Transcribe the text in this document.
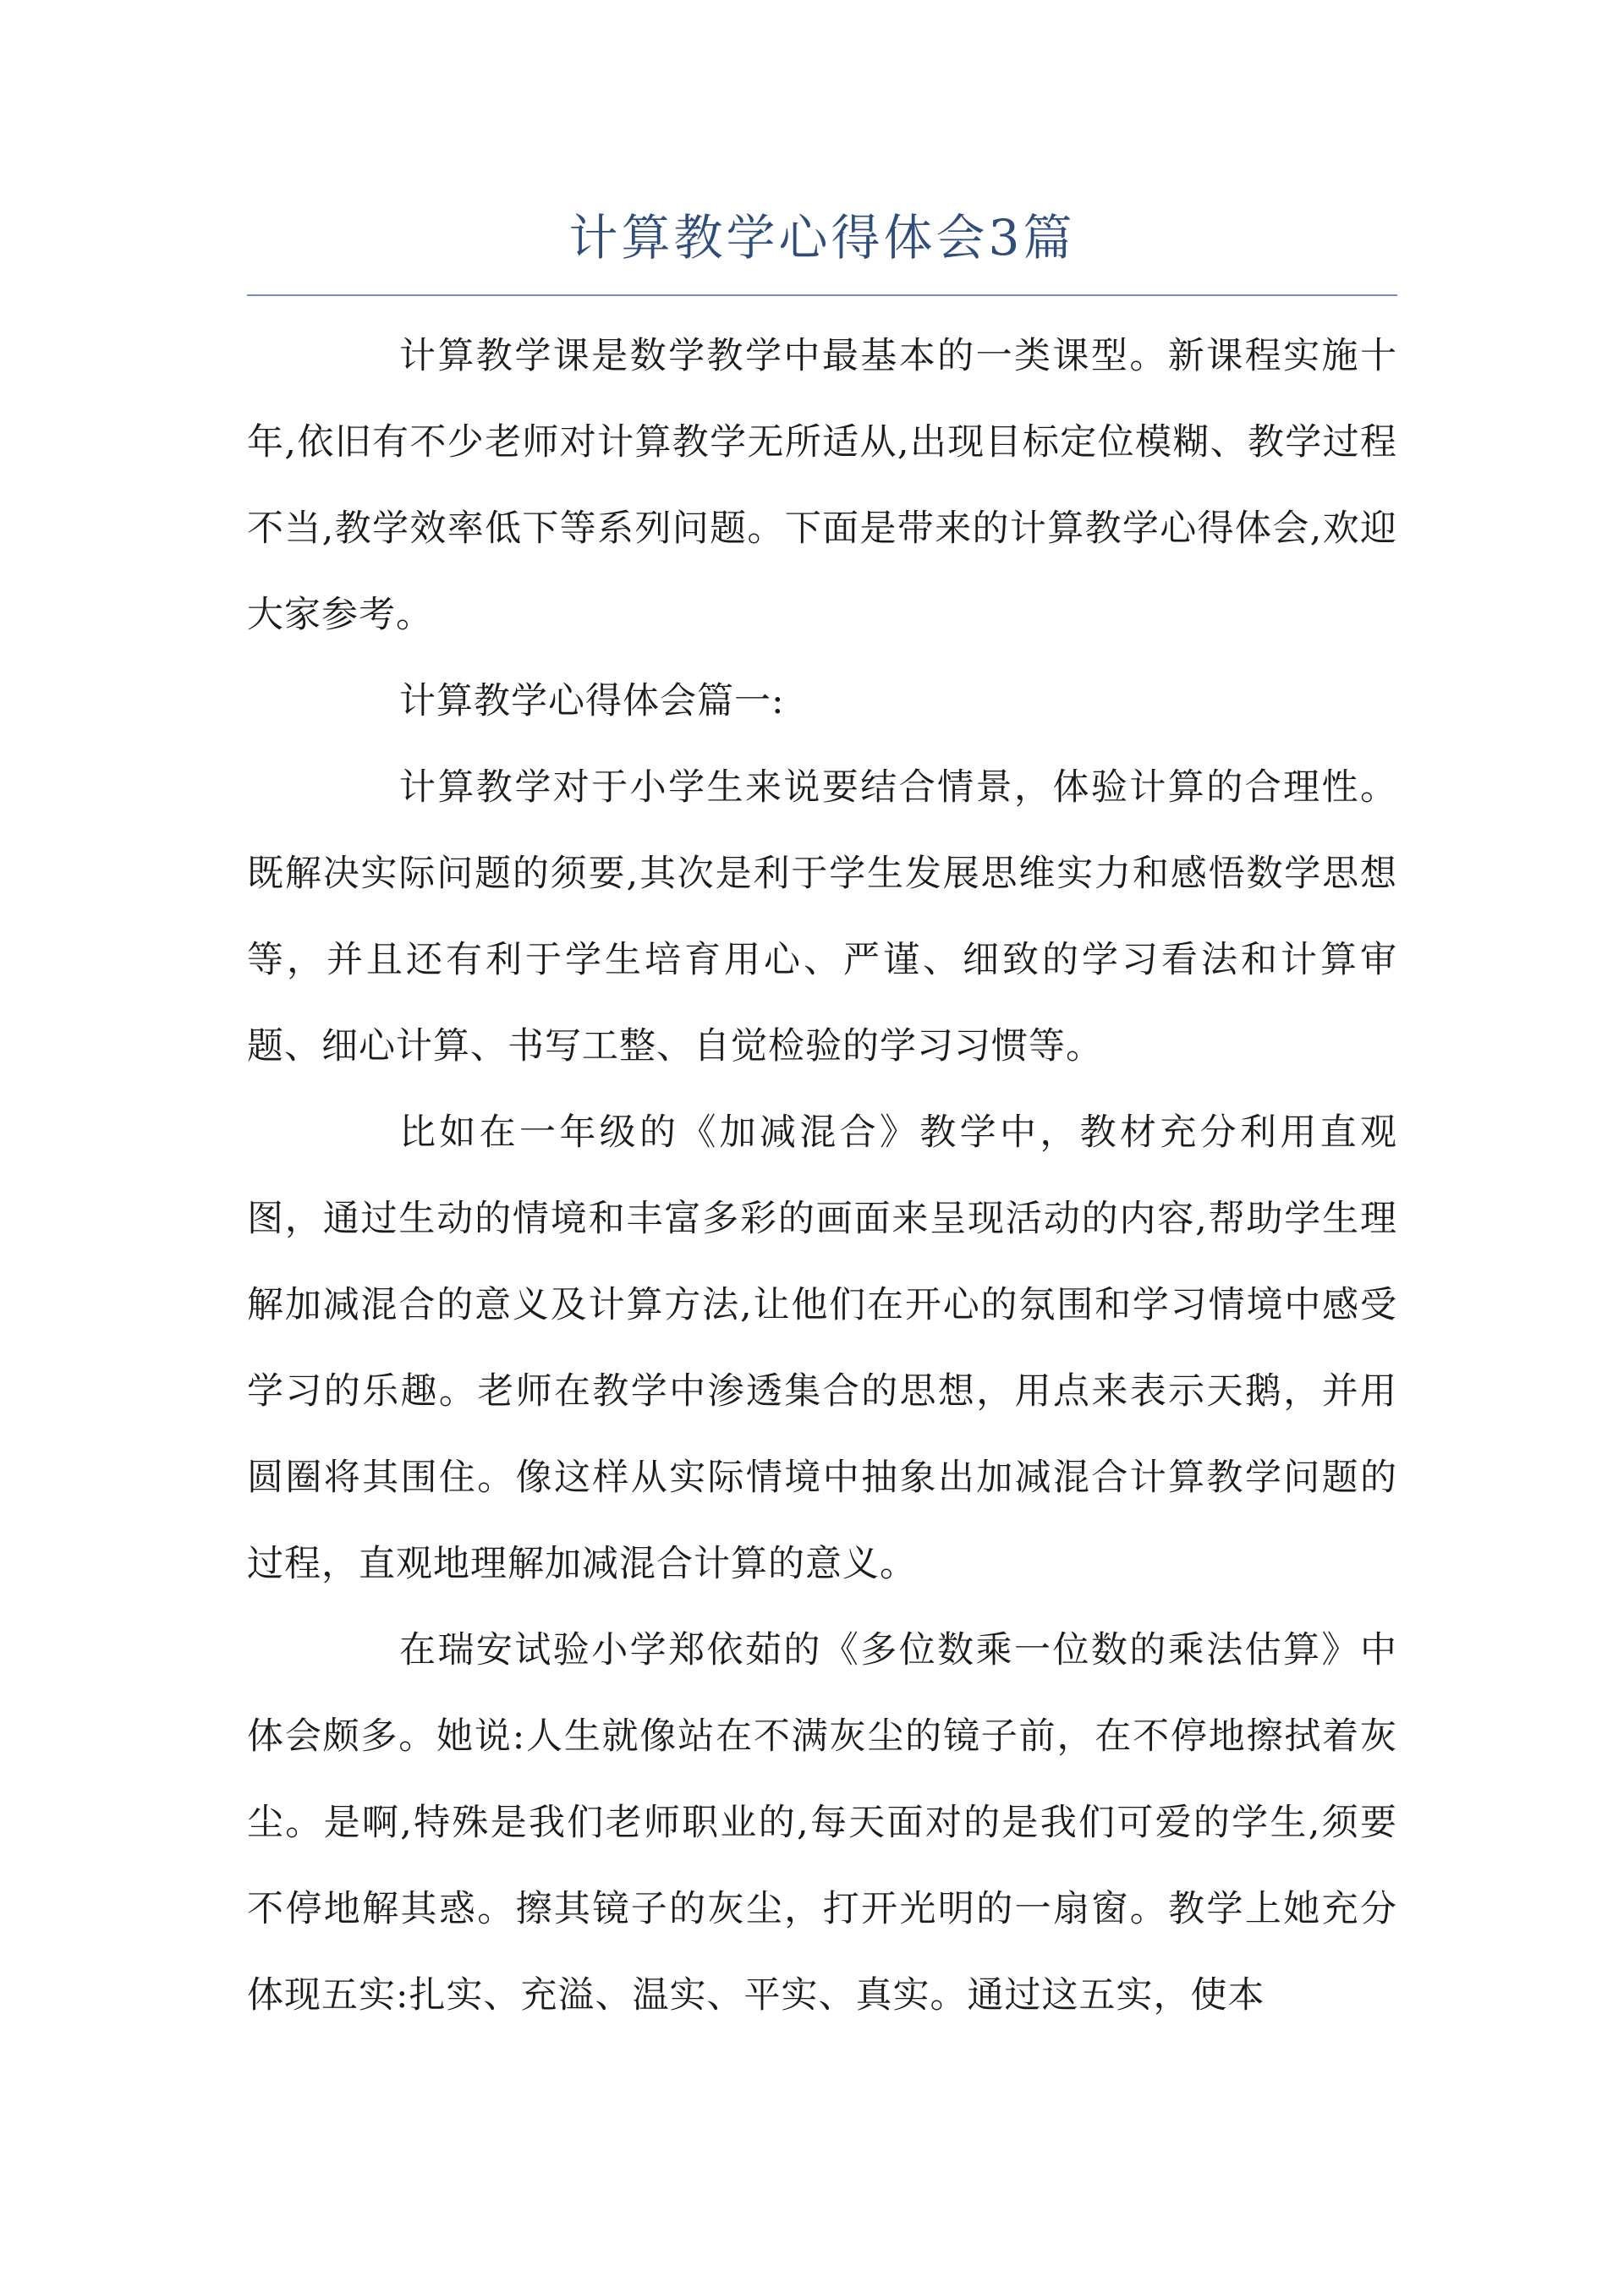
计算教学心得体会3篇

计算教学课是数学教学中最基本的一类课型。新课程实施十年,依旧有不少老师对计算教学无所适从,出现目标定位模糊、教学过程不当,教学效率低下等系列问题。下面是带来的计算教学心得体会,欢迎大家参考。

计算教学心得体会篇一:

计算教学对于小学生来说要结合情景，体验计算的合理性。既解决实际问题的须要,其次是利于学生发展思维实力和感悟数学思想等，并且还有利于学生培育用心、严谨、细致的学习看法和计算审题、细心计算、书写工整、自觉检验的学习习惯等。

比如在一年级的《加减混合》教学中，教材充分利用直观图，通过生动的情境和丰富多彩的画面来呈现活动的内容,帮助学生理解加减混合的意义及计算方法,让他们在开心的氛围和学习情境中感受学习的乐趣。老师在教学中渗透集合的思想，用点来表示天鹅，并用圆圈将其围住。像这样从实际情境中抽象出加减混合计算教学问题的过程，直观地理解加减混合计算的意义。

在瑞安试验小学郑依茹的《多位数乘一位数的乘法估算》中体会颇多。她说:人生就像站在不满灰尘的镜子前，在不停地擦拭着灰尘。是啊,特殊是我们老师职业的,每天面对的是我们可爱的学生,须要不停地解其惑。擦其镜子的灰尘，打开光明的一扇窗。教学上她充分体现五实:扎实、充溢、温实、平实、真实。通过这五实，使本
